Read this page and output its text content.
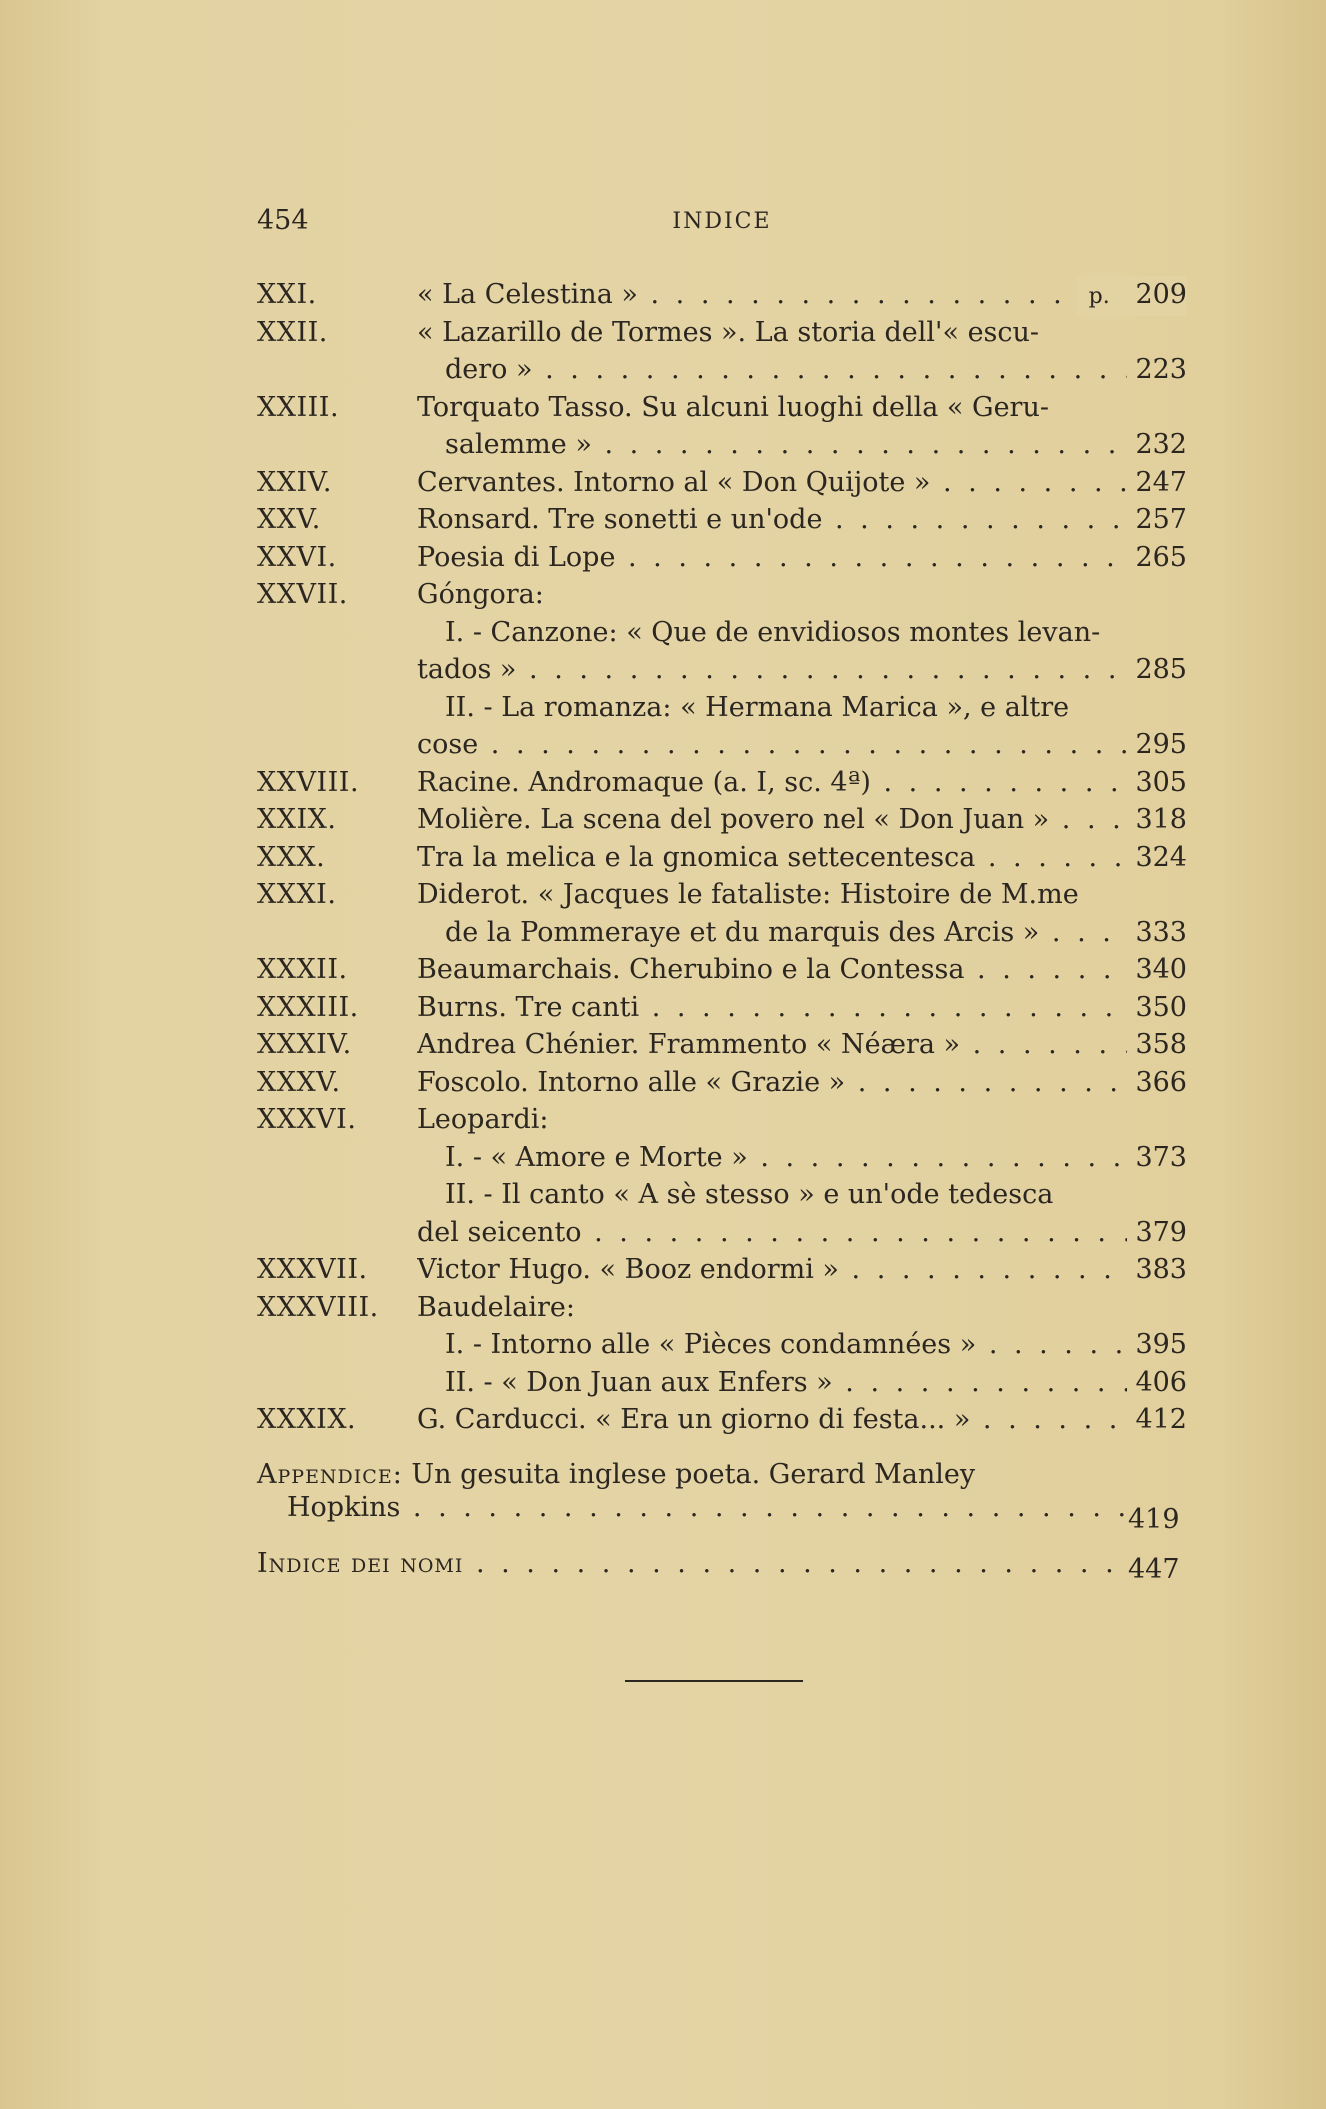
454	INDICE
XXI.	« La Celestina » . . .	p. 209
XXII.	« Lazarillo de Tormes ». La storia dell'« escu-
dero » . . .	223
XXIII.	Torquato Tasso. Su alcuni luoghi della « Geru-
salemme » . . .	232
XXIV.	Cervantes. Intorno al « Don Quijote » . . .	247
XXV.	Ronsard. Tre sonetti e un'ode . . .	257
XXVI.	Poesia di Lope . . .	265
XXVII.	Góngora:
I. - Canzone: « Que de envidiosos montes levan-
tados » . . .	285
II. - La romanza: « Hermana Marica », e altre
cose . . .	295
XXVIII. Racine. Andromaque (a. I, sc. 4ª) . . .	305
XXIX.	Molière. La scena del povero nel « Don Juan » . . .	318
XXX.	Tra la melica e la gnomica settecentesca . . .	324
XXXI.	Diderot. « Jacques le fataliste: Histoire de M.me
de la Pommeraye et du marquis des Arcis » . . .	333
XXXII.	Beaumarchais. Cherubino e la Contessa . . .	340
XXXIII. Burns. Tre canti . . .	350
XXXIV. Andrea Chénier. Frammento « Néæra » . . .	358
XXXV.	Foscolo. Intorno alle « Grazie » . . .	366
XXXVI. Leopardi:
I. - « Amore e Morte » . . .	373
II. - Il canto « A sè stesso » e un'ode tedesca
del seicento . . .	379
XXXVII. Victor Hugo. « Booz endormi » . . .	383
XXXVIII. Baudelaire:
I. - Intorno alle « Pièces condamnées » . . .	395
II. - « Don Juan aux Enfers » . . .	406
XXXIX. G. Carducci. « Era un giorno di festa... » . . .	412
Appendice: Un gesuita inglese poeta. Gerard Manley
Hopkins . . .	419
Indice dei nomi . . .	447
